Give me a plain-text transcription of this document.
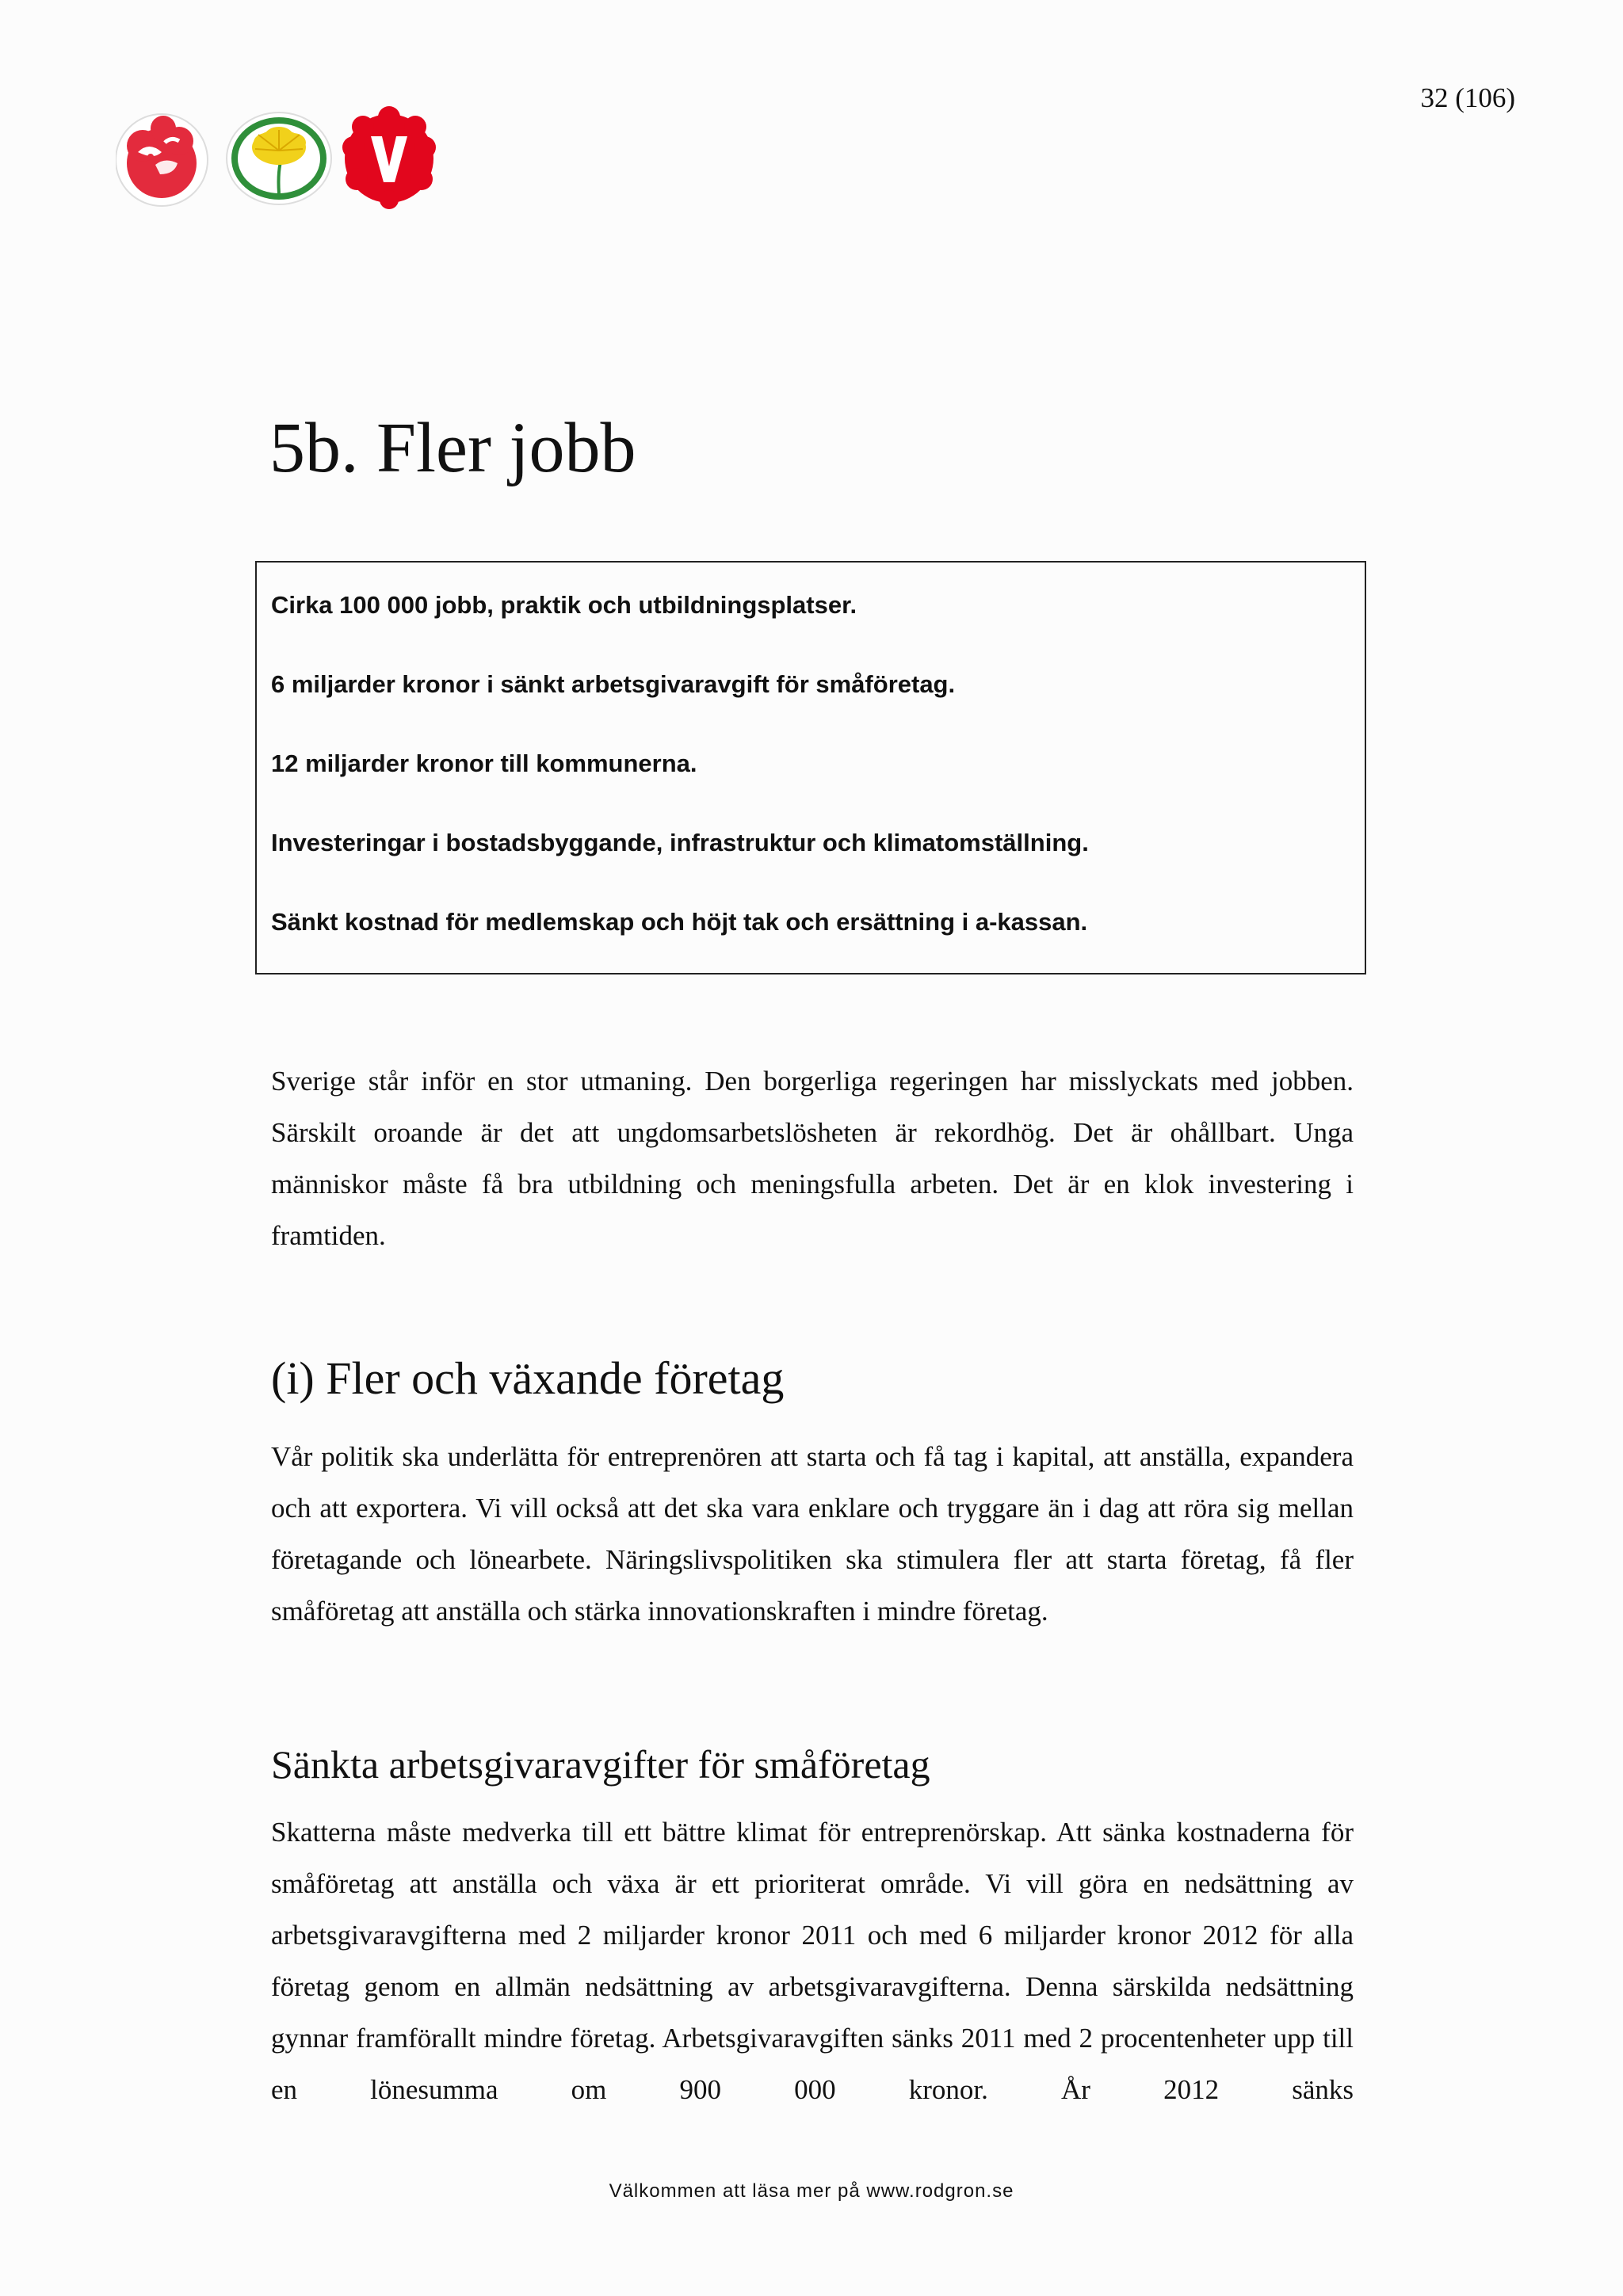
32 (106)
5b. Fler jobb
Cirka 100 000 jobb, praktik och utbildningsplatser.
6 miljarder kronor i sänkt arbetsgivaravgift för småföretag.
12 miljarder kronor till kommunerna.
Investeringar i bostadsbyggande, infrastruktur och klimatomställning.
Sänkt kostnad för medlemskap och höjt tak och ersättning i a-kassan.

Sverige står inför en stor utmaning. Den borgerliga regeringen har misslyckats med jobben. Särskilt oroande är det att ungdomsarbetslösheten är rekordhög. Det är ohållbart. Unga människor måste få bra utbildning och meningsfulla arbeten. Det är en klok investering i framtiden.

(i) Fler och växande företag

Vår politik ska underlätta för entreprenören att starta och få tag i kapital, att anställa, expandera och att exportera. Vi vill också att det ska vara enklare och tryggare än i dag att röra sig mellan företagande och lönearbete. Näringslivspolitiken ska stimulera fler att starta företag, få fler småföretag att anställa och stärka innovationskraften i mindre företag.

Sänkta arbetsgivaravgifter för småföretag

Skatterna måste medverka till ett bättre klimat för entreprenörskap. Att sänka kostnaderna för småföretag att anställa och växa är ett prioriterat område. Vi vill göra en nedsättning av arbetsgivaravgifterna med 2 miljarder kronor 2011 och med 6 miljarder kronor 2012 för alla företag genom en allmän nedsättning av arbetsgivaravgifterna. Denna särskilda nedsättning gynnar framförallt mindre företag. Arbetsgivaravgiften sänks 2011 med 2 procentenheter upp till en lönesumma om 900 000 kronor. År 2012 sänks

Välkommen att läsa mer på www.rodgron.se
